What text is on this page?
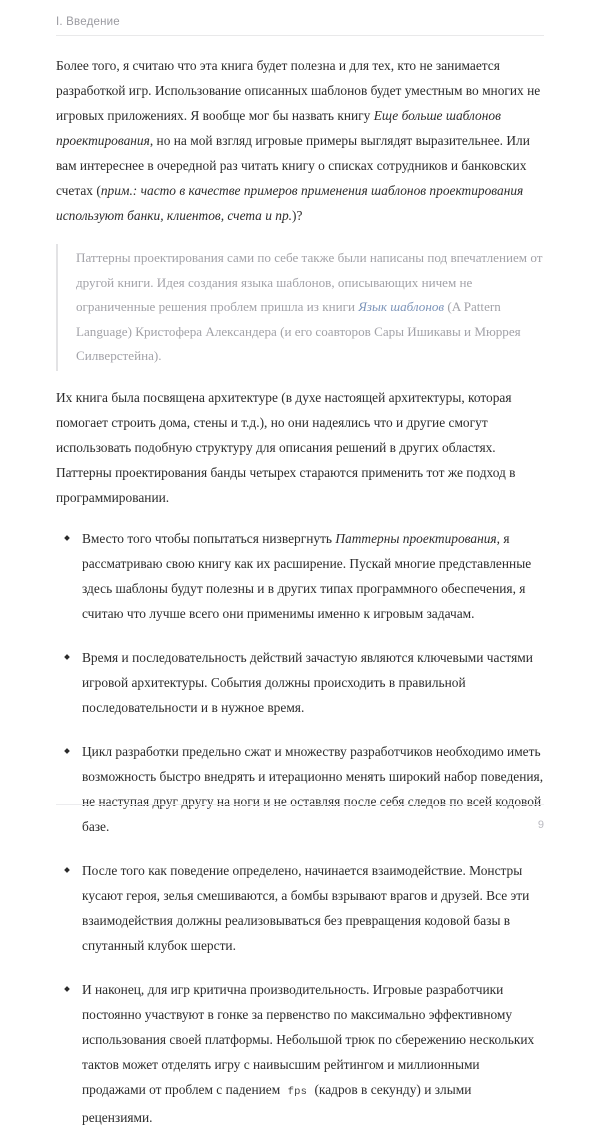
I. Введение

Более того, я считаю что эта книга будет полезна и для тех, кто не занимается разработкой игр. Использование описанных шаблонов будет уместным во многих не игровых приложениях. Я вообще мог бы назвать книгу Еще больше шаблонов проектирования, но на мой взгляд игровые примеры выглядят выразительнее. Или вам интереснее в очередной раз читать книгу о списках сотрудников и банковских счетах (прим.: часто в качестве примеров применения шаблонов проектирования используют банки, клиентов, счета и пр.)?

Паттерны проектирования сами по себе также были написаны под впечатлением от другой книги. Идея создания языка шаблонов, описывающих ничем не ограниченные решения проблем пришла из книги Язык шаблонов (A Pattern Language) Кристофера Александера (и его соавторов Сары Ишикавы и Мюррея Силверстейна).

Их книга была посвящена архитектуре (в духе настоящей архитектуры, которая помогает строить дома, стены и т.д.), но они надеялись что и другие смогут использовать подобную структуру для описания решений в других областях. Паттерны проектирования банды четырех стараются применить тот же подход в программировании.

Вместо того чтобы попытаться низвергнуть Паттерны проектирования, я рассматриваю свою книгу как их расширение. Пускай многие представленные здесь шаблоны будут полезны и в других типах программного обеспечения, я считаю что лучше всего они применимы именно к игровым задачам.
Время и последовательность действий зачастую являются ключевыми частями игровой архитектуры. События должны происходить в правильной последовательности и в нужное время.
Цикл разработки предельно сжат и множеству разработчиков необходимо иметь возможность быстро внедрять и итерационно менять широкий набор поведения, не наступая друг другу на ноги и не оставляя после себя следов по всей кодовой базе.
После того как поведение определено, начинается взаимодействие. Монстры кусают героя, зелья смешиваются, а бомбы взрывают врагов и друзей. Все эти взаимодействия должны реализовываться без превращения кодовой базы в спутанный клубок шерсти.
И наконец, для игр критична производительность. Игровые разработчики постоянно участвуют в гонке за первенство по максимально эффективному использования своей платформы. Небольшой трюк по сбережению нескольких тактов может отделять игру с наивысшим рейтингом и миллионными продажами от проблем с падением fps (кадров в секунду) и злыми рецензиями.
9
